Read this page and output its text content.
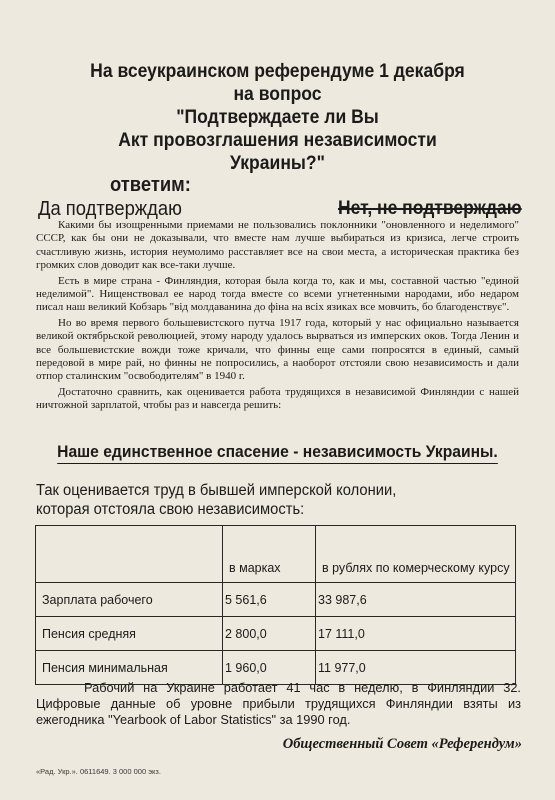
На всеукраинском референдуме 1 декабря
на вопрос
"Подтверждаете ли Вы
Акт провозглашения независимости
Украины?"
ответим:
Да подтверждаю	Нет, не подтверждаю

Какими бы изощренными приемами не пользовались поклонники "оновленного и неделимого" СССР, как бы они не доказывали, что вместе нам лучше выбираться из кризиса, легче строить счастливую жизнь, история неумолимо расставляет все на свои места, а историческая практика без громких слов доводит как все-таки лучше.

Есть в мире страна - Финляндия, которая была когда то, как и мы, составной частью "единой неделимой". Нищенствовал ее народ тогда вместе со всеми угнетенными народами, ибо недаром писал наш великий Кобзарь "від молдаванина до фіна на всіх язиках все мовчить, бо благоденствує".

Но во время первого большевистского путча 1917 года, который у нас официально называется великой октябрьской революцией, этому народу удалось вырваться из имперских оков. Тогда Ленин и все большевистские вожди тоже кричали, что финны еще сами попросятся в единый, самый передовой в мире рай, но финны не попросились, а наоборот отстояли свою независимость и дали отпор сталинским "освободителям" в 1940 г.

Достаточно сравнить, как оценивается работа трудящихся в независимой Финляндии с нашей ничтожной зарплатой, чтобы раз и навсегда решить:

Наше единственное спасение - независимость Украины.
Так оценивается труд в бывшей имперской колонии,
которая отстояла свою независимость:
	в марках	в рублях по комерческому курсу
Зарплата рабочего	5 561,6	33 987,6
Пенсия средняя	2 800,0	17 111,0
Пенсия минимальная	1 960,0	11 977,0

Рабочий на Украине работает 41 час в неделю, в Финляндии 32. Цифровые данные об уровне прибыли трудящихся Финляндии взяты из ежегодника "Yearbook of Labor Statistics" за 1990 год.

Общественный Совет «Референдум»
«Рад. Укр.». 0611649. 3 000 000 экз.
